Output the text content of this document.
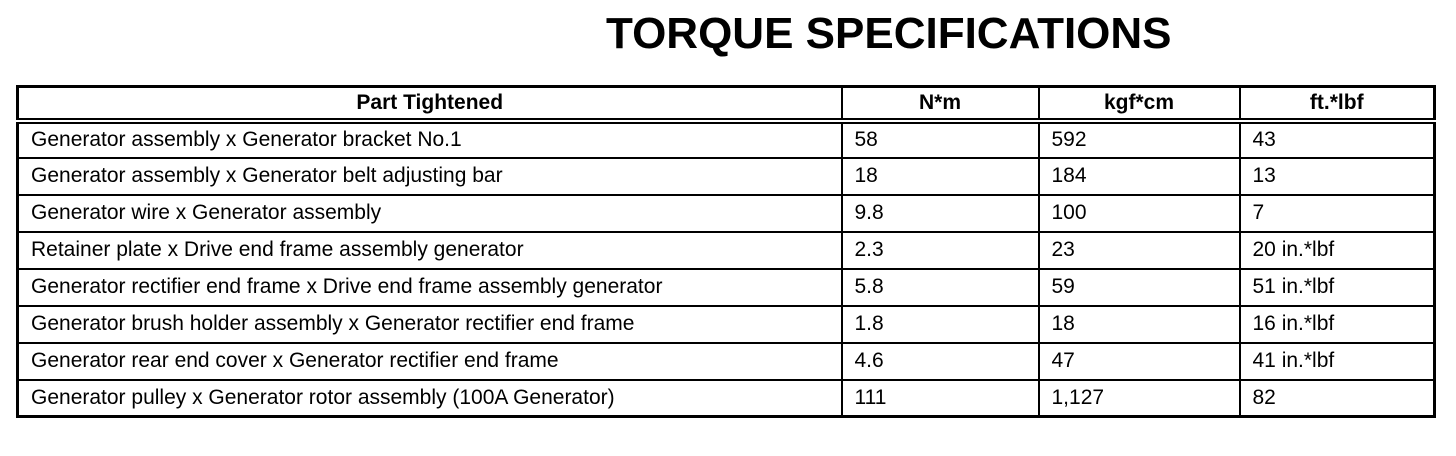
TORQUE SPECIFICATIONS
Part Tightened	N*m	kgf*cm	ft.*lbf
Generator assembly x Generator bracket No.1	58	592	43
Generator assembly x Generator belt adjusting bar	18	184	13
Generator wire x Generator assembly	9.8	100	7
Retainer plate x Drive end frame assembly generator	2.3	23	20 in.*lbf
Generator rectifier end frame x Drive end frame assembly generator	5.8	59	51 in.*lbf
Generator brush holder assembly x Generator rectifier end frame	1.8	18	16 in.*lbf
Generator rear end cover x Generator rectifier end frame	4.6	47	41 in.*lbf
Generator pulley x Generator rotor assembly (100A Generator)	111	1,127	82
